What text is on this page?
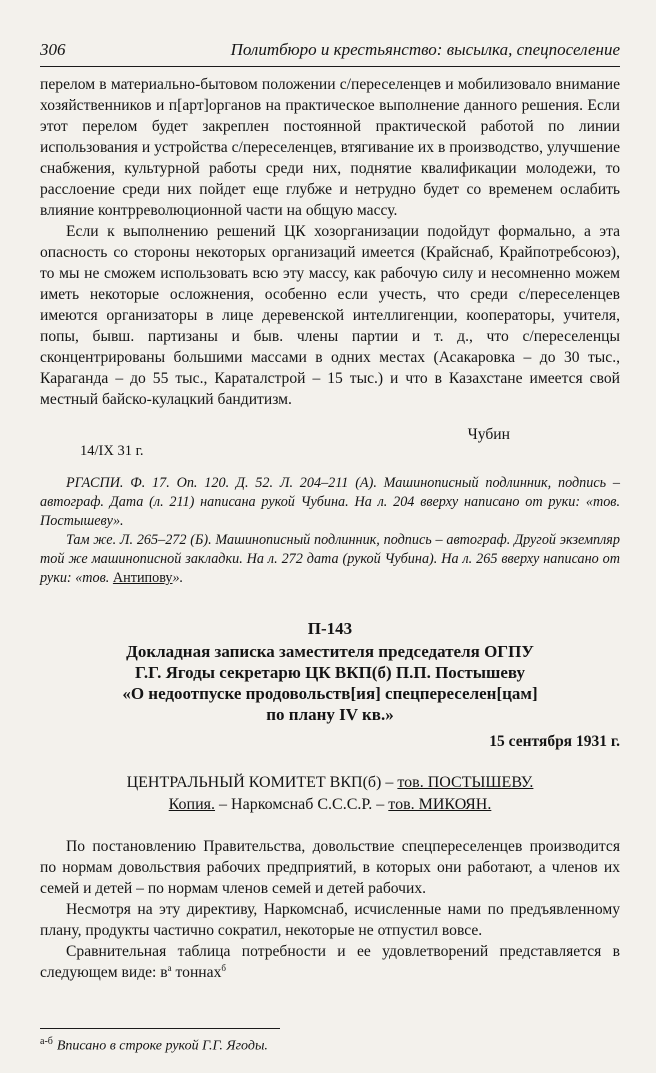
306	Политбюро и крестьянство: высылка, спецпоселение

перелом в материально-бытовом положении с/переселенцев и мобилизовало внимание хозяйственников и п[арт]органов на практическое выполнение данного решения. Если этот перелом будет закреплен постоянной практической работой по линии использования и устройства с/переселенцев, втягивание их в производство, улучшение снабжения, культурной работы среди них, поднятие квалификации молодежи, то расслоение среди них пойдет еще глубже и нетрудно будет со временем ослабить влияние контрреволюционной части на общую массу.

Если к выполнению решений ЦК хозорганизации подойдут формально, а эта опасность со стороны некоторых организаций имеется (Крайснаб, Крайпотребсоюз), то мы не сможем использовать всю эту массу, как рабочую силу и несомненно можем иметь некоторые осложнения, особенно если учесть, что среди с/переселенцев имеются организаторы в лице деревенской интеллигенции, кооператоры, учителя, попы, бывш. партизаны и быв. члены партии и т. д., что с/переселенцы сконцентрированы большими массами в одних местах (Асакаровка – до 30 тыс., Караганда – до 55 тыс., Караталстрой – 15 тыс.) и что в Казахстане имеется свой местный байско-кулацкий бандитизм.

Чубин
14/IX 31 г.

РГАСПИ. Ф. 17. Оп. 120. Д. 52. Л. 204–211 (А). Машинописный подлинник, подпись – автограф. Дата (л. 211) написана рукой Чубина. На л. 204 вверху написано от руки: «тов. Постышеву».

Там же. Л. 265–272 (Б). Машинописный подлинник, подпись – автограф. Другой экземпляр той же машинописной закладки. На л. 272 дата (рукой Чубина). На л. 265 вверху написано от руки: «тов. Антипову».

П-143
Докладная записка заместителя председателя ОГПУ
Г.Г. Ягоды секретарю ЦК ВКП(б) П.П. Постышеву
«О недоотпуске продовольств[ия] спецпереселен[цам]
по плану IV кв.»
15 сентября 1931 г.
ЦЕНТРАЛЬНЫЙ КОМИТЕТ ВКП(б) – тов. ПОСТЫШЕВУ.
Копия. – Наркомснаб С.С.С.Р. – тов. МИКОЯН.

По постановлению Правительства, довольствие спецпереселенцев производится по нормам довольствия рабочих предприятий, в которых они работают, а членов их семей и детей – по нормам членов семей и детей рабочих.

Несмотря на эту директиву, Наркомснаб, исчисленные нами по предъявленному плану, продукты частично сократил, некоторые не отпустил вовсе.

Сравнительная таблица потребности и ее удовлетворений представляется в следующем виде: $в^а$ тоннах$^б$

$^{а-б}$ Вписано в строке рукой Г.Г. Ягоды.
